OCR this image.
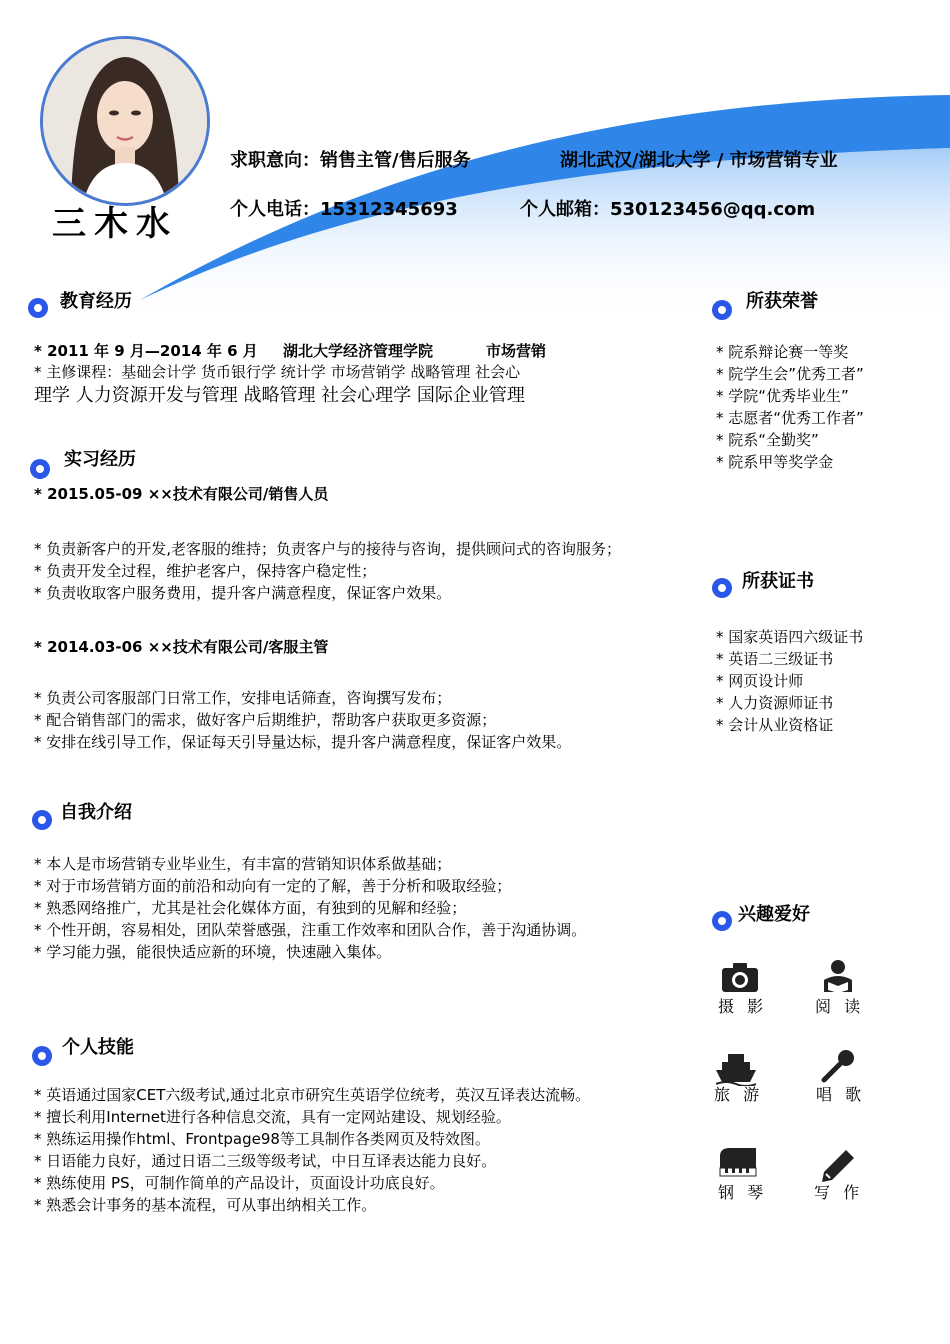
三木水
求职意向：销售主管/售后服务	湖北武汉/湖北大学 / 市场营销专业
个人电话：15312345693	个人邮箱：530123456@qq.com
教育经历
* 2011 年 9 月—2014 年 6 月 湖北大学经济管理学院	市场营销
* 主修课程：基础会计学 货币银行学 统计学 市场营销学 战略管理 社会心
理学 人力资源开发与管理 战略管理 社会心理学 国际企业管理
实习经历
* 2015.05-09 ××技术有限公司/销售人员
* 负责新客户的开发,老客服的维持；负责客户与的接待与咨询，提供顾问式的咨询服务；
* 负责开发全过程，维护老客户，保持客户稳定性；
* 负责收取客户服务费用，提升客户满意程度，保证客户效果。
* 2014.03-06 ××技术有限公司/客服主管
* 负责公司客服部门日常工作，安排电话筛查，咨询撰写发布；
* 配合销售部门的需求，做好客户后期维护，帮助客户获取更多资源；
* 安排在线引导工作，保证每天引导量达标，提升客户满意程度，保证客户效果。
自我介绍
* 本人是市场营销专业毕业生，有丰富的营销知识体系做基础；
* 对于市场营销方面的前沿和动向有一定的了解，善于分析和吸取经验；
* 熟悉网络推广，尤其是社会化媒体方面，有独到的见解和经验；
* 个性开朗，容易相处，团队荣誉感强，注重工作效率和团队合作，善于沟通协调。
* 学习能力强，能很快适应新的环境，快速融入集体。
个人技能
* 英语通过国家CET六级考试,通过北京市研究生英语学位统考，英汉互译表达流畅。
* 擅长利用Internet进行各种信息交流，具有一定网站建设、规划经验。
* 熟练运用操作html、Frontpage98等工具制作各类网页及特效图。
* 日语能力良好，通过日语二三级等级考试，中日互译表达能力良好。
* 熟练使用 PS，可制作简单的产品设计，页面设计功底良好。
* 熟悉会计事务的基本流程，可从事出纳相关工作。
所获荣誉
* 院系辩论赛一等奖
* 院学生会”优秀工者”
* 学院“优秀毕业生”
* 志愿者“优秀工作者”
* 院系“全勤奖”
* 院系甲等奖学金
所获证书
* 国家英语四六级证书
* 英语二三级证书
* 网页设计师
* 人力资源师证书
* 会计从业资格证
兴趣爱好
摄 影	阅 读
旅 游	唱 歌
钢 琴	写 作
